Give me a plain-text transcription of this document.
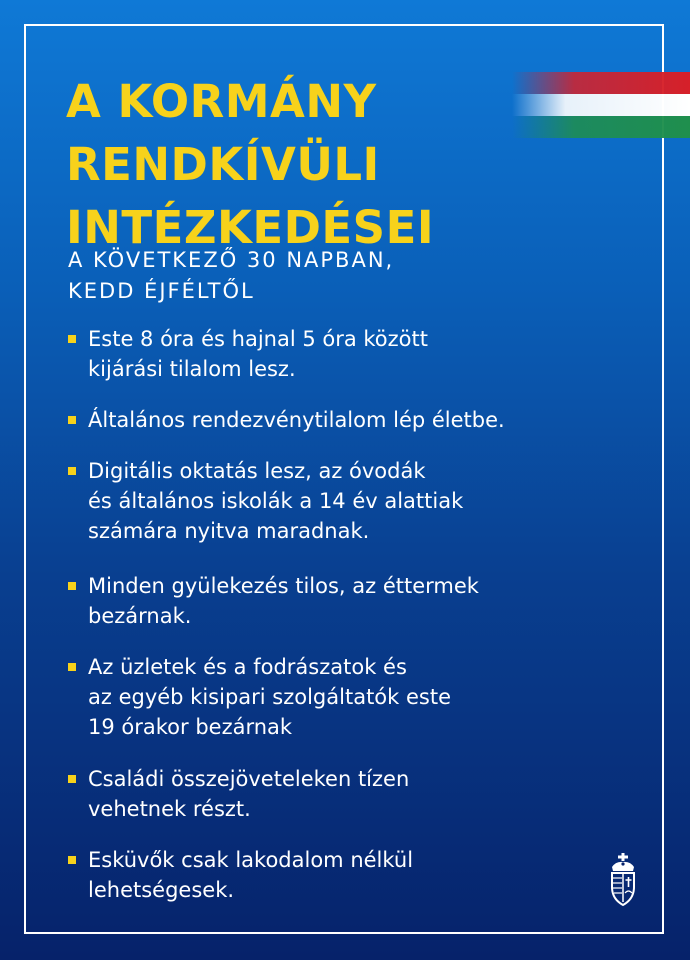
A KORMÁNY
RENDKÍVÜLI
INTÉZKEDÉSEI

A KÖVETKEZŐ 30 NAPBAN,
KEDD ÉJFÉLTŐL

Este 8 óra és hajnal 5 óra között
kijárási tilalom lesz.
Általános rendezvénytilalom lép életbe.
Digitális oktatás lesz, az óvodák
és általános iskolák a 14 év alattiak
számára nyitva maradnak.
Minden gyülekezés tilos, az éttermek
bezárnak.
Az üzletek és a fodrászatok és
az egyéb kisipari szolgáltatók este
19 órakor bezárnak
Családi összejöveteleken tízen
vehetnek részt.
Esküvők csak lakodalom nélkül
lehetségesek.
